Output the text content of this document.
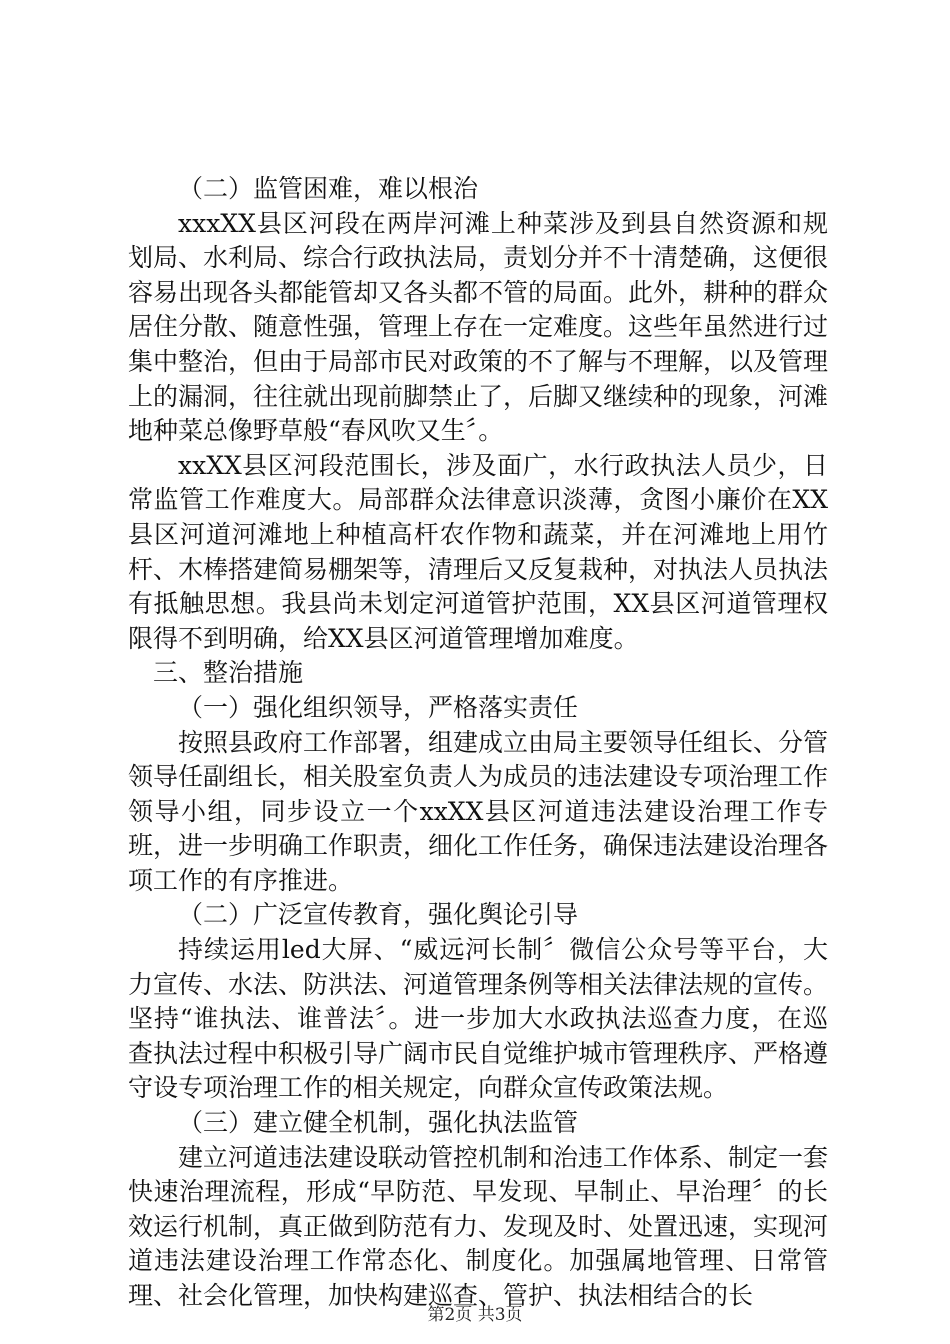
（二）监管困难，难以根治

xxxXX县区河段在两岸河滩上种菜涉及到县自然资源和规划局、水利局、综合行政执法局，责划分并不十清楚确，这便很容易出现各头都能管却又各头都不管的局面。此外，耕种的群众居住分散、随意性强，管理上存在一定难度。这些年虽然进行过集中整治，但由于局部市民对政策的不了解与不理解，以及管理上的漏洞，往往就出现前脚禁止了，后脚又继续种的现象，河滩地种菜总像野草般“春风吹又生〞。

xxXX县区河段范围长，涉及面广，水行政执法人员少，日常监管工作难度大。局部群众法律意识淡薄，贪图小廉价在XX县区河道河滩地上种植高杆农作物和蔬菜，并在河滩地上用竹杆、木棒搭建简易棚架等，清理后又反复栽种，对执法人员执法有抵触思想。我县尚未划定河道管护范围，XX县区河道管理权限得不到明确，给XX县区河道管理增加难度。

三、整治措施

（一）强化组织领导，严格落实责任

按照县政府工作部署，组建成立由局主要领导任组长、分管领导任副组长，相关股室负责人为成员的违法建设专项治理工作领导小组，同步设立一个xxXX县区河道违法建设治理工作专班，进一步明确工作职责，细化工作任务，确保违法建设治理各项工作的有序推进。

（二）广泛宣传教育，强化舆论引导

持续运用led大屏、“威远河长制〞微信公众号等平台，大力宣传、水法、防洪法、河道管理条例等相关法律法规的宣传。坚持“谁执法、谁普法〞。进一步加大水政执法巡查力度，在巡查执法过程中积极引导广阔市民自觉维护城市管理秩序、严格遵守设专项治理工作的相关规定，向群众宣传政策法规。

（三）建立健全机制，强化执法监管

建立河道违法建设联动管控机制和治违工作体系、制定一套快速治理流程，形成“早防范、早发现、早制止、早治理〞的长效运行机制，真正做到防范有力、发现及时、处置迅速，实现河道违法建设治理工作常态化、制度化。加强属地管理、日常管理、社会化管理，加快构建巡查、管护、执法相结合的长

第2页 共3页
